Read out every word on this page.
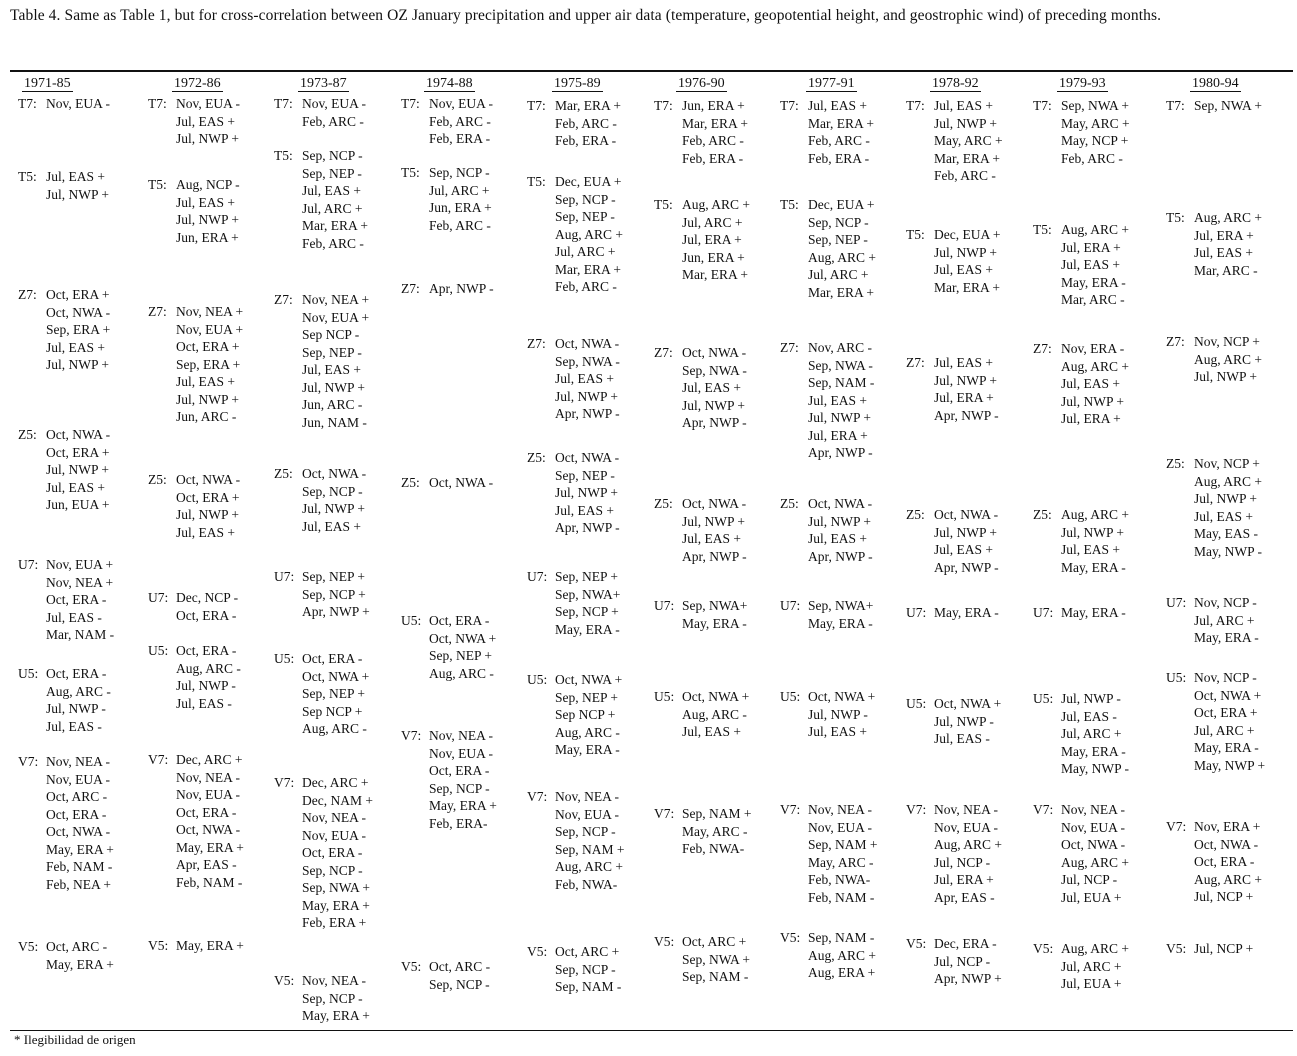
Table 4. Same as Table 1, but for cross-correlation between OZ January precipitation and upper air data (temperature, geopotential height, and geostrophic wind) of preceding months.
1971-85
T7: Nov, EUA -
T5: Jul, EAS +
Jul, NWP +
Z7: Oct, ERA +
Oct, NWA -
Sep, ERA +
Jul, EAS +
Jul, NWP +
Z5: Oct, NWA -
Oct, ERA +
Jul, NWP +
Jul, EAS +
Jun, EUA +
U7: Nov, EUA +
Nov, NEA +
Oct, ERA -
Jul, EAS -
Mar, NAM -
U5: Oct, ERA -
Aug, ARC -
Jul, NWP -
Jul, EAS -
V7: Nov, NEA -
Nov, EUA -
Oct, ARC -
Oct, ERA -
Oct, NWA -
May, ERA +
Feb, NAM -
Feb, NEA +
V5: Oct, ARC -
May, ERA +
1972-86
T7: Nov, EUA -
Jul, EAS +
Jul, NWP +
T5: Aug, NCP -
Jul, EAS +
Jul, NWP +
Jun, ERA +
Z7: Nov, NEA +
Nov, EUA +
Oct, ERA +
Sep, ERA +
Jul, EAS +
Jul, NWP +
Jun, ARC -
Z5: Oct, NWA -
Oct, ERA +
Jul, NWP +
Jul, EAS +
U7: Dec, NCP -
Oct, ERA -
U5: Oct, ERA -
Aug, ARC -
Jul, NWP -
Jul, EAS -
V7: Dec, ARC +
Nov, NEA -
Nov, EUA -
Oct, ERA -
Oct, NWA -
May, ERA +
Apr, EAS -
Feb, NAM -
V5: May, ERA +
1973-87
T7: Nov, EUA -
Feb, ARC -
T5: Sep, NCP -
Sep, NEP -
Jul, EAS +
Jul, ARC +
Mar, ERA +
Feb, ARC -
Z7: Nov, NEA +
Nov, EUA +
Sep NCP -
Sep, NEP -
Jul, EAS +
Jul, NWP +
Jun, ARC -
Jun, NAM -
Z5: Oct, NWA -
Sep, NCP -
Jul, NWP +
Jul, EAS +
U7: Sep, NEP +
Sep, NCP +
Apr, NWP +
U5: Oct, ERA -
Oct, NWA +
Sep, NEP +
Sep NCP +
Aug, ARC -
V7: Dec, ARC +
Dec, NAM +
Nov, NEA -
Nov, EUA -
Oct, ERA -
Sep, NCP -
Sep, NWA +
May, ERA +
Feb, ERA +
V5: Nov, NEA -
Sep, NCP -
May, ERA +
1974-88
T7: Nov, EUA -
Feb, ARC -
Feb, ERA -
T5: Sep, NCP -
Jul, ARC +
Jun, ERA +
Feb, ARC -
Z7: Apr, NWP -
Z5: Oct, NWA -
U5: Oct, ERA -
Oct, NWA +
Sep, NEP +
Aug, ARC -
V7: Nov, NEA -
Nov, EUA -
Oct, ERA -
Sep, NCP -
May, ERA +
Feb, ERA-
V5: Oct, ARC -
Sep, NCP -
1975-89
T7: Mar, ERA +
Feb, ARC -
Feb, ERA -
T5: Dec, EUA +
Sep, NCP -
Sep, NEP -
Aug, ARC +
Jul, ARC +
Mar, ERA +
Feb, ARC -
Z7: Oct, NWA -
Sep, NWA -
Jul, EAS +
Jul, NWP +
Apr, NWP -
Z5: Oct, NWA -
Sep, NEP -
Jul, NWP +
Jul, EAS +
Apr, NWP -
U7: Sep, NEP +
Sep, NWA+
Sep, NCP +
May, ERA -
U5: Oct, NWA +
Sep, NEP +
Sep NCP +
Aug, ARC -
May, ERA -
V7: Nov, NEA -
Nov, EUA -
Sep, NCP -
Sep, NAM +
Aug, ARC +
Feb, NWA-
V5: Oct, ARC +
Sep, NCP -
Sep, NAM -
1976-90
T7: Jun, ERA +
Mar, ERA +
Feb, ARC -
Feb, ERA -
T5: Aug, ARC +
Jul, ARC +
Jul, ERA +
Jun, ERA +
Mar, ERA +
Z7: Oct, NWA -
Sep, NWA -
Jul, EAS +
Jul, NWP +
Apr, NWP -
Z5: Oct, NWA -
Jul, NWP +
Jul, EAS +
Apr, NWP -
U7: Sep, NWA+
May, ERA -
U5: Oct, NWA +
Aug, ARC -
Jul, EAS +
V7: Sep, NAM +
May, ARC -
Feb, NWA-
V5: Oct, ARC +
Sep, NWA +
Sep, NAM -
1977-91
T7: Jul, EAS +
Mar, ERA +
Feb, ARC -
Feb, ERA -
T5: Dec, EUA +
Sep, NCP -
Sep, NEP -
Aug, ARC +
Jul, ARC +
Mar, ERA +
Z7: Nov, ARC -
Sep, NWA -
Sep, NAM -
Jul, EAS +
Jul, NWP +
Jul, ERA +
Apr, NWP -
Z5: Oct, NWA -
Jul, NWP +
Jul, EAS +
Apr, NWP -
U7: Sep, NWA+
May, ERA -
U5: Oct, NWA +
Jul, NWP -
Jul, EAS +
V7: Nov, NEA -
Nov, EUA -
Sep, NAM +
May, ARC -
Feb, NWA-
Feb, NAM -
V5: Sep, NAM -
Aug, ARC +
Aug, ERA +
1978-92
T7: Jul, EAS +
Jul, NWP +
May, ARC +
Mar, ERA +
Feb, ARC -
T5: Dec, EUA +
Jul, NWP +
Jul, EAS +
Mar, ERA +
Z7: Jul, EAS +
Jul, NWP +
Jul, ERA +
Apr, NWP -
Z5: Oct, NWA -
Jul, NWP +
Jul, EAS +
Apr, NWP -
U7: May, ERA -
U5: Oct, NWA +
Jul, NWP -
Jul, EAS -
V7: Nov, NEA -
Nov, EUA -
Aug, ARC +
Jul, NCP -
Jul, ERA +
Apr, EAS -
V5: Dec, ERA -
Jul, NCP -
Apr, NWP +
1979-93
T7: Sep, NWA +
May, ARC +
May, NCP +
Feb, ARC -
T5: Aug, ARC +
Jul, ERA +
Jul, EAS +
May, ERA -
Mar, ARC -
Z7: Nov, ERA -
Aug, ARC +
Jul, EAS +
Jul, NWP +
Jul, ERA +
Z5: Aug, ARC +
Jul, NWP +
Jul, EAS +
May, ERA -
U7: May, ERA -
U5: Jul, NWP -
Jul, EAS -
Jul, ARC +
May, ERA -
May, NWP -
V7: Nov, NEA -
Nov, EUA -
Oct, NWA -
Aug, ARC +
Jul, NCP -
Jul, EUA +
V5: Aug, ARC +
Jul, ARC +
Jul, EUA +
1980-94
T7: Sep, NWA +
T5: Aug, ARC +
Jul, ERA +
Jul, EAS +
Mar, ARC -
Z7: Nov, NCP +
Aug, ARC +
Jul, NWP +
Z5: Nov, NCP +
Aug, ARC +
Jul, NWP +
Jul, EAS +
May, EAS -
May, NWP -
U7: Nov, NCP -
Jul, ARC +
May, ERA -
U5: Nov, NCP -
Oct, NWA +
Oct, ERA +
Jul, ARC +
May, ERA -
May, NWP +
V7: Nov, ERA +
Oct, NWA -
Oct, ERA -
Aug, ARC +
Jul, NCP +
V5: Jul, NCP +
* Ilegibilidad de origen
